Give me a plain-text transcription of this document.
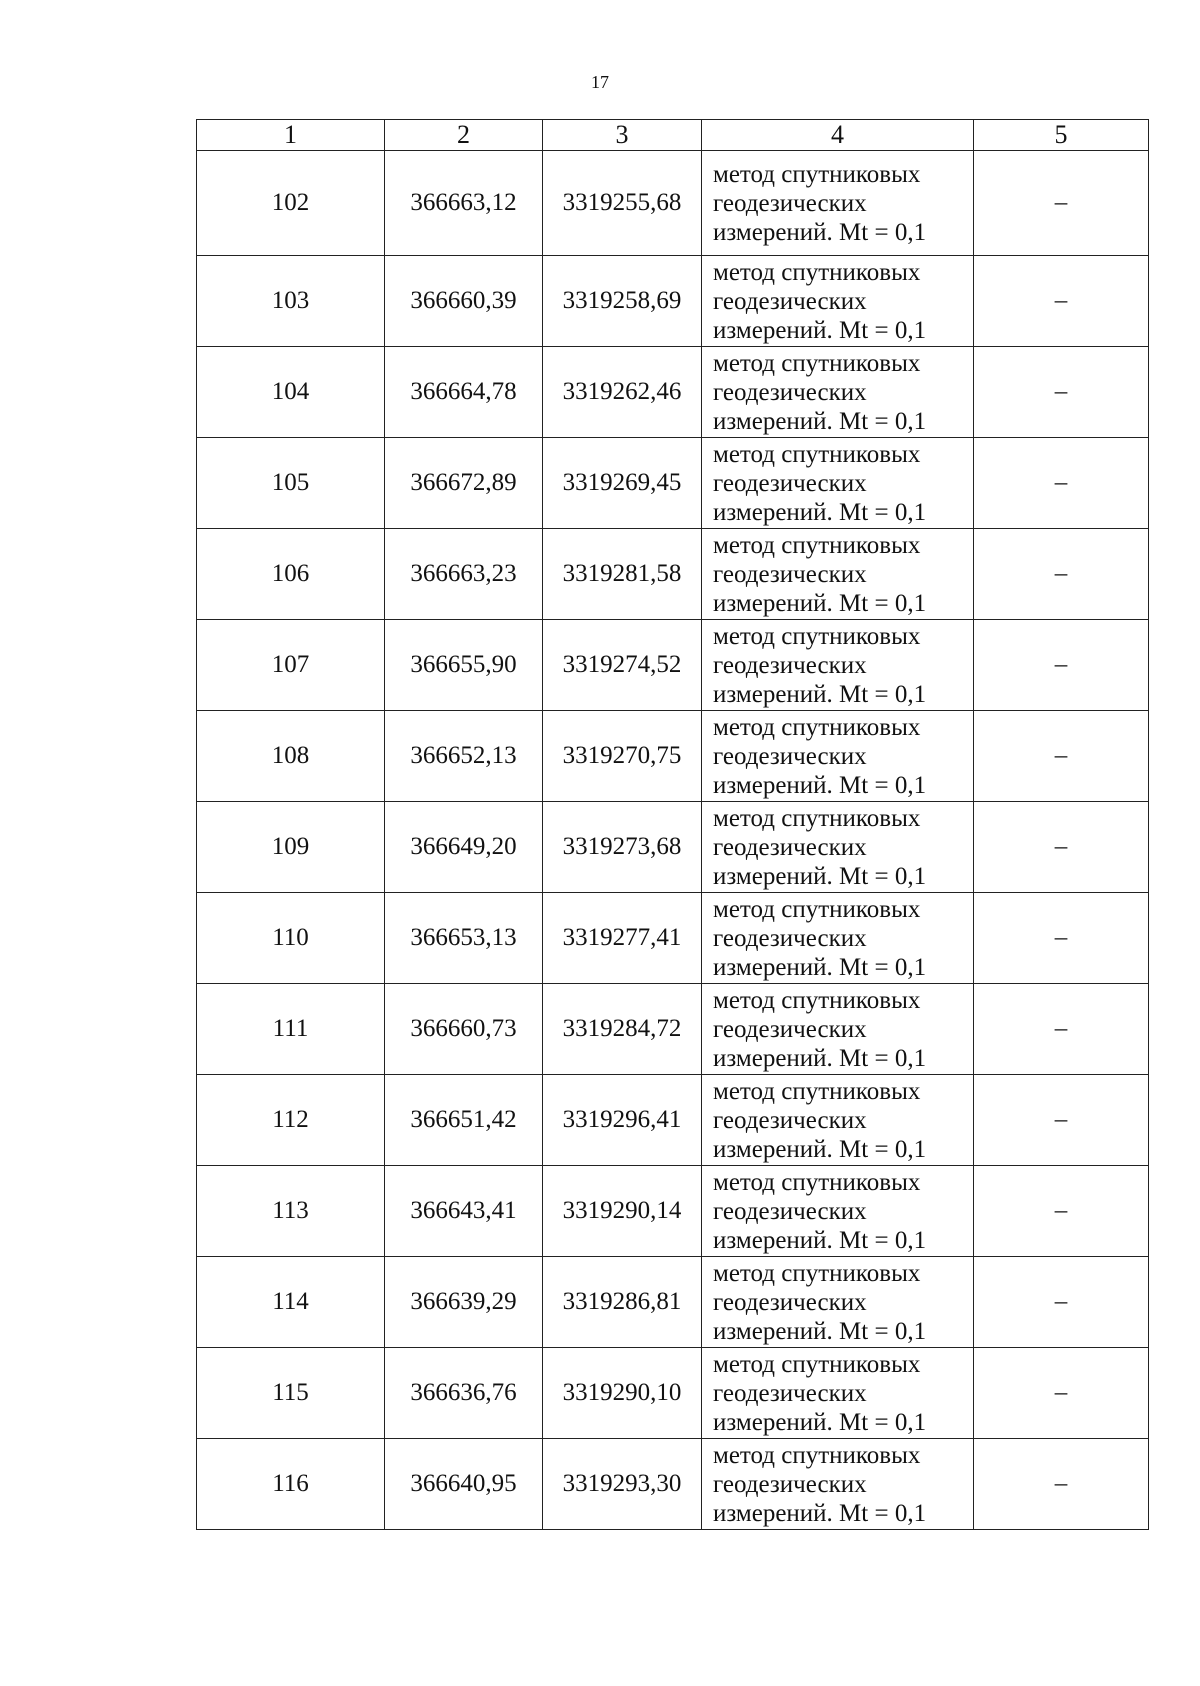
17
1	2	3	4	5
102	366663,12	3319255,68	метод спутниковых
геодезических
измерений. Mt = 0,1	–
103	366660,39	3319258,69	метод спутниковых
геодезических
измерений. Mt = 0,1	–
104	366664,78	3319262,46	метод спутниковых
геодезических
измерений. Mt = 0,1	–
105	366672,89	3319269,45	метод спутниковых
геодезических
измерений. Mt = 0,1	–
106	366663,23	3319281,58	метод спутниковых
геодезических
измерений. Mt = 0,1	–
107	366655,90	3319274,52	метод спутниковых
геодезических
измерений. Mt = 0,1	–
108	366652,13	3319270,75	метод спутниковых
геодезических
измерений. Mt = 0,1	–
109	366649,20	3319273,68	метод спутниковых
геодезических
измерений. Mt = 0,1	–
110	366653,13	3319277,41	метод спутниковых
геодезических
измерений. Mt = 0,1	–
111	366660,73	3319284,72	метод спутниковых
геодезических
измерений. Mt = 0,1	–
112	366651,42	3319296,41	метод спутниковых
геодезических
измерений. Mt = 0,1	–
113	366643,41	3319290,14	метод спутниковых
геодезических
измерений. Mt = 0,1	–
114	366639,29	3319286,81	метод спутниковых
геодезических
измерений. Mt = 0,1	–
115	366636,76	3319290,10	метод спутниковых
геодезических
измерений. Mt = 0,1	–
116	366640,95	3319293,30	метод спутниковых
геодезических
измерений. Mt = 0,1	–
